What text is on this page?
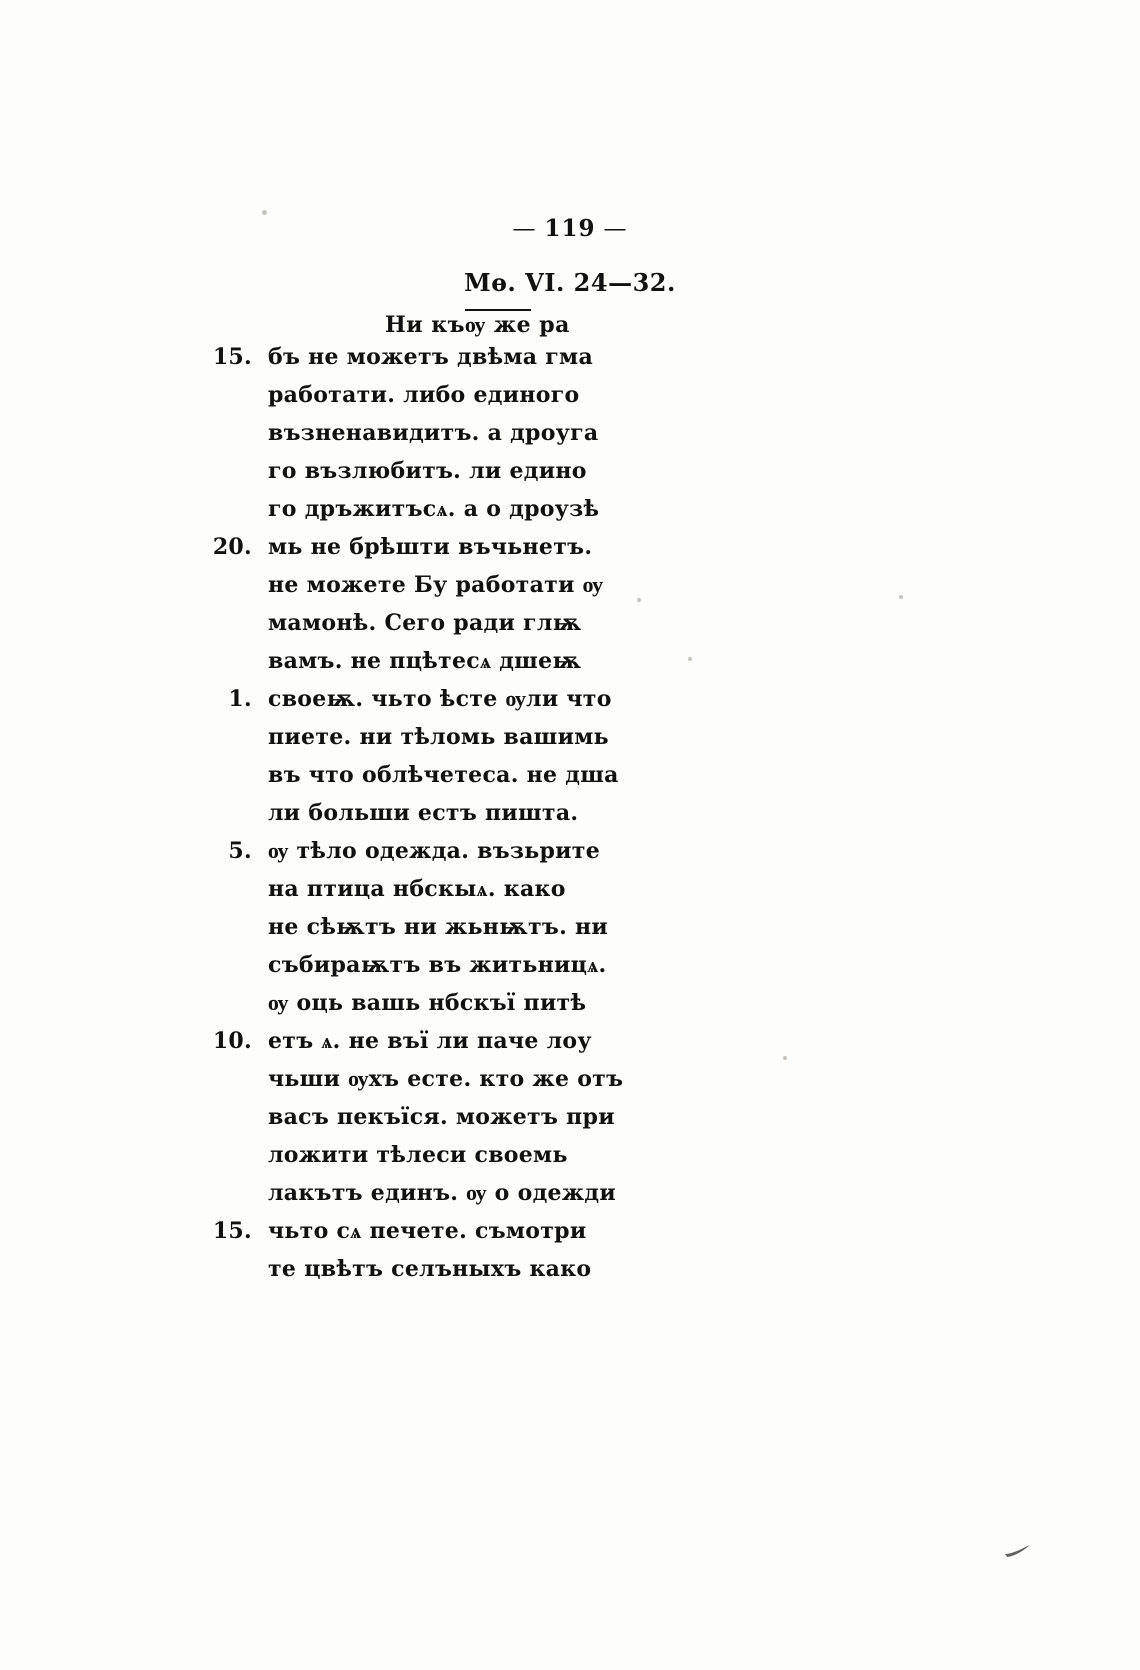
— 119 —
Мѳ. VI. 24—32.
Ни къѹ же ра
15. бъ не можетъ двѣма гма
работати. либо единого
възненавидитъ. а дроуга
го възлюбитъ. ли едино
го дръжитъсѧ. а о дроузѣ
20. мь не брѣшти въчьнетъ.
не можете Бу работати ѹ
мамонѣ. Сего ради глѭ
вамъ. не пцѣтесѧ дшеѭ
1. своеѭ. чьто ѣсте ѹли что
пиете. ни тѣломь вашимь
въ что облѣчетеса. не дша
ли больши естъ пишта.
5. ѹ тѣло одежда. възьрите
на птица нбскыѧ. како
не сѣѭтъ ни жьнѭтъ. ни
събираѭтъ въ житьницѧ.
ѹ оць вашь нбскъї питѣ
10. етъ ѧ. не въї ли паче лоу
чьши ѹхъ есте. кто же отъ
васъ пекъїся. можетъ при
ложити тѣлеси своемь
лакътъ единъ. ѹ о одежди
15. чьто сѧ печете. съмотри
те цвѣтъ селъныхъ како
